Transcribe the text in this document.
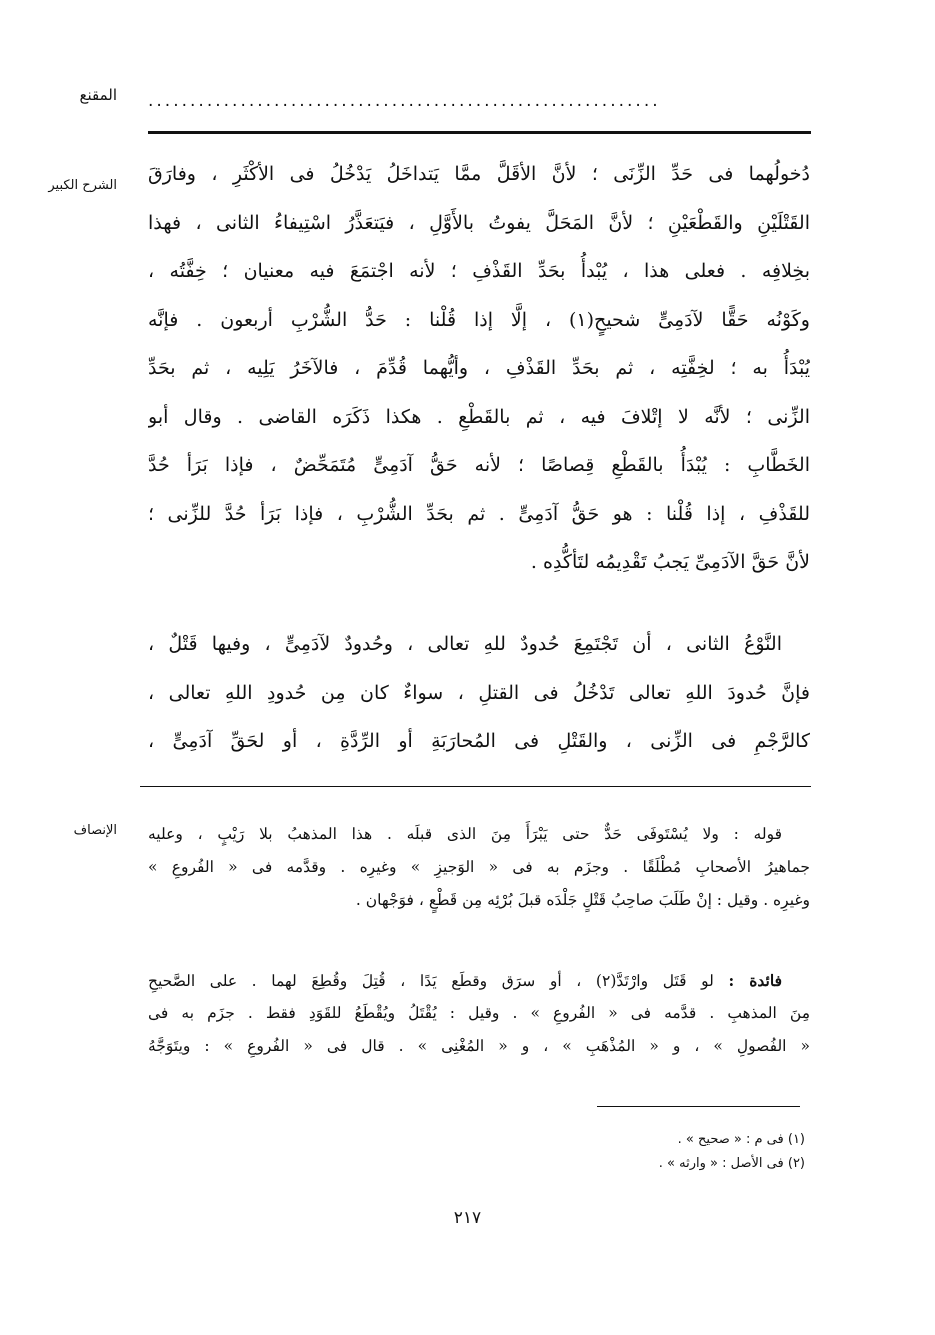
.............................................................
المقنع
الشرح الكبير
دُخولُهما فى حَدِّ الزِّنَى ؛ لأنَّ الأقَلَّ ممَّا يَتداخَلُ يَدْخُلُ فى الأكْثَرِ ، وفارَقَ
القَتْلَيْنِ والقَطْعَيْنِ ؛ لأنَّ المَحَلَّ يفوتُ بالأَوَّلِ ، فيَتعَذَّرُ اسْتِيفاءُ الثانى ، فهذا
بخِلافِه . فعلى هذا ، يُبْدأُ بحَدِّ القَذْفِ ؛ لأنه اجْتمَعَ فيه معنيان ؛ خِفَّتُه ،
وكَوْنُه حَقًّا لآدَمِىٍّ شحيحٍ(١) ، إلَّا إذا قُلْنا : حَدُّ الشُّرْبِ أربعون . فإنَّه
يُبْدَأُ به ؛ لخِفَّتِه ، ثم بحَدِّ القَذْفِ ، وأيُّهما قُدِّمَ ، فالآخَرُ يَلِيه ، ثم بحَدِّ
الزِّنى ؛ لأنَّه لا إتْلافَ فيه ، ثم بالقَطْعِ . هكذا ذَكَرَه القاضى . وقال أبو
الخَطَّابِ : يُبْدَأُ بالقَطْعِ قِصاصًا ؛ لأنه حَقُّ آدَمِىٍّ مُتَمَحِّضٌ ، فإذا بَرَأ حُدَّ
للقَذْفِ ، إذا قُلْنا : هو حَقُّ آدَمِىٍّ . ثم بحَدِّ الشُّرْبِ ، فإذا بَرَأ حُدَّ للزِّنى ؛
لأنَّ حَقَّ الآدَمِىِّ يَجبُ تَقْدِيمُه لتَأكُّدِه .
النَّوْعُ الثانى ، أن تَجْتَمِعَ حُدودٌ للهِ تعالى ، وحُدودٌ لآدَمِىٍّ ، وفيها قَتْلٌ ،
فإنَّ حُدودَ اللهِ تعالى تَدْخُلُ فى القتلِ ، سواءٌ كان مِن حُدودِ اللهِ تعالى ،
كالرَّجْمِ فى الزِّنى ، والقَتْلِ فى المُحارَبَةِ أو الرِّدَّةِ ، أو لحَقِّ آدَمِىٍّ ،
الإنصاف قوله : ولا يُسْتَوفَى حَدٌّ حتى يَبْرَأَ مِنَ الذى قبلَه . هذا المذهبُ بلا رَيْبٍ ، وعليه
جماهيرُ الأصحابِ مُطْلَقًا . وجزَم به فى « الوَجيزِ » وغيرِه . وقدَّمه فى « الفُروعِ »
وغيرِه . وقيل : إنْ طَلَبَ صاحِبُ قَتْلٍ جَلْدَه قبلَ بُرْئِه مِن قَطْعٍ ، فوَجْهان .
فائدة : لو قَتَل وارْتَدَّ(٢) ، أو سرَق وقطَع يَدًا ، قُتِلَ وقُطِعَ لهما . على الصَّحيحِ
مِنَ المذهبِ . قدَّمه فى « الفُروعِ » . وقيل : يُقْتَلُ ويُقْطَعُ للقَوَدِ فقط . جزَم به فى
« الفُصولِ » ، و « المُذْهَبِ » ، و « المُغْنِى » . قال فى « الفُروعِ » : ويتَوَجَّهُ
(١) فى م : « صحيح » .
(٢) فى الأصل : « وارثه » .
٢١٧
